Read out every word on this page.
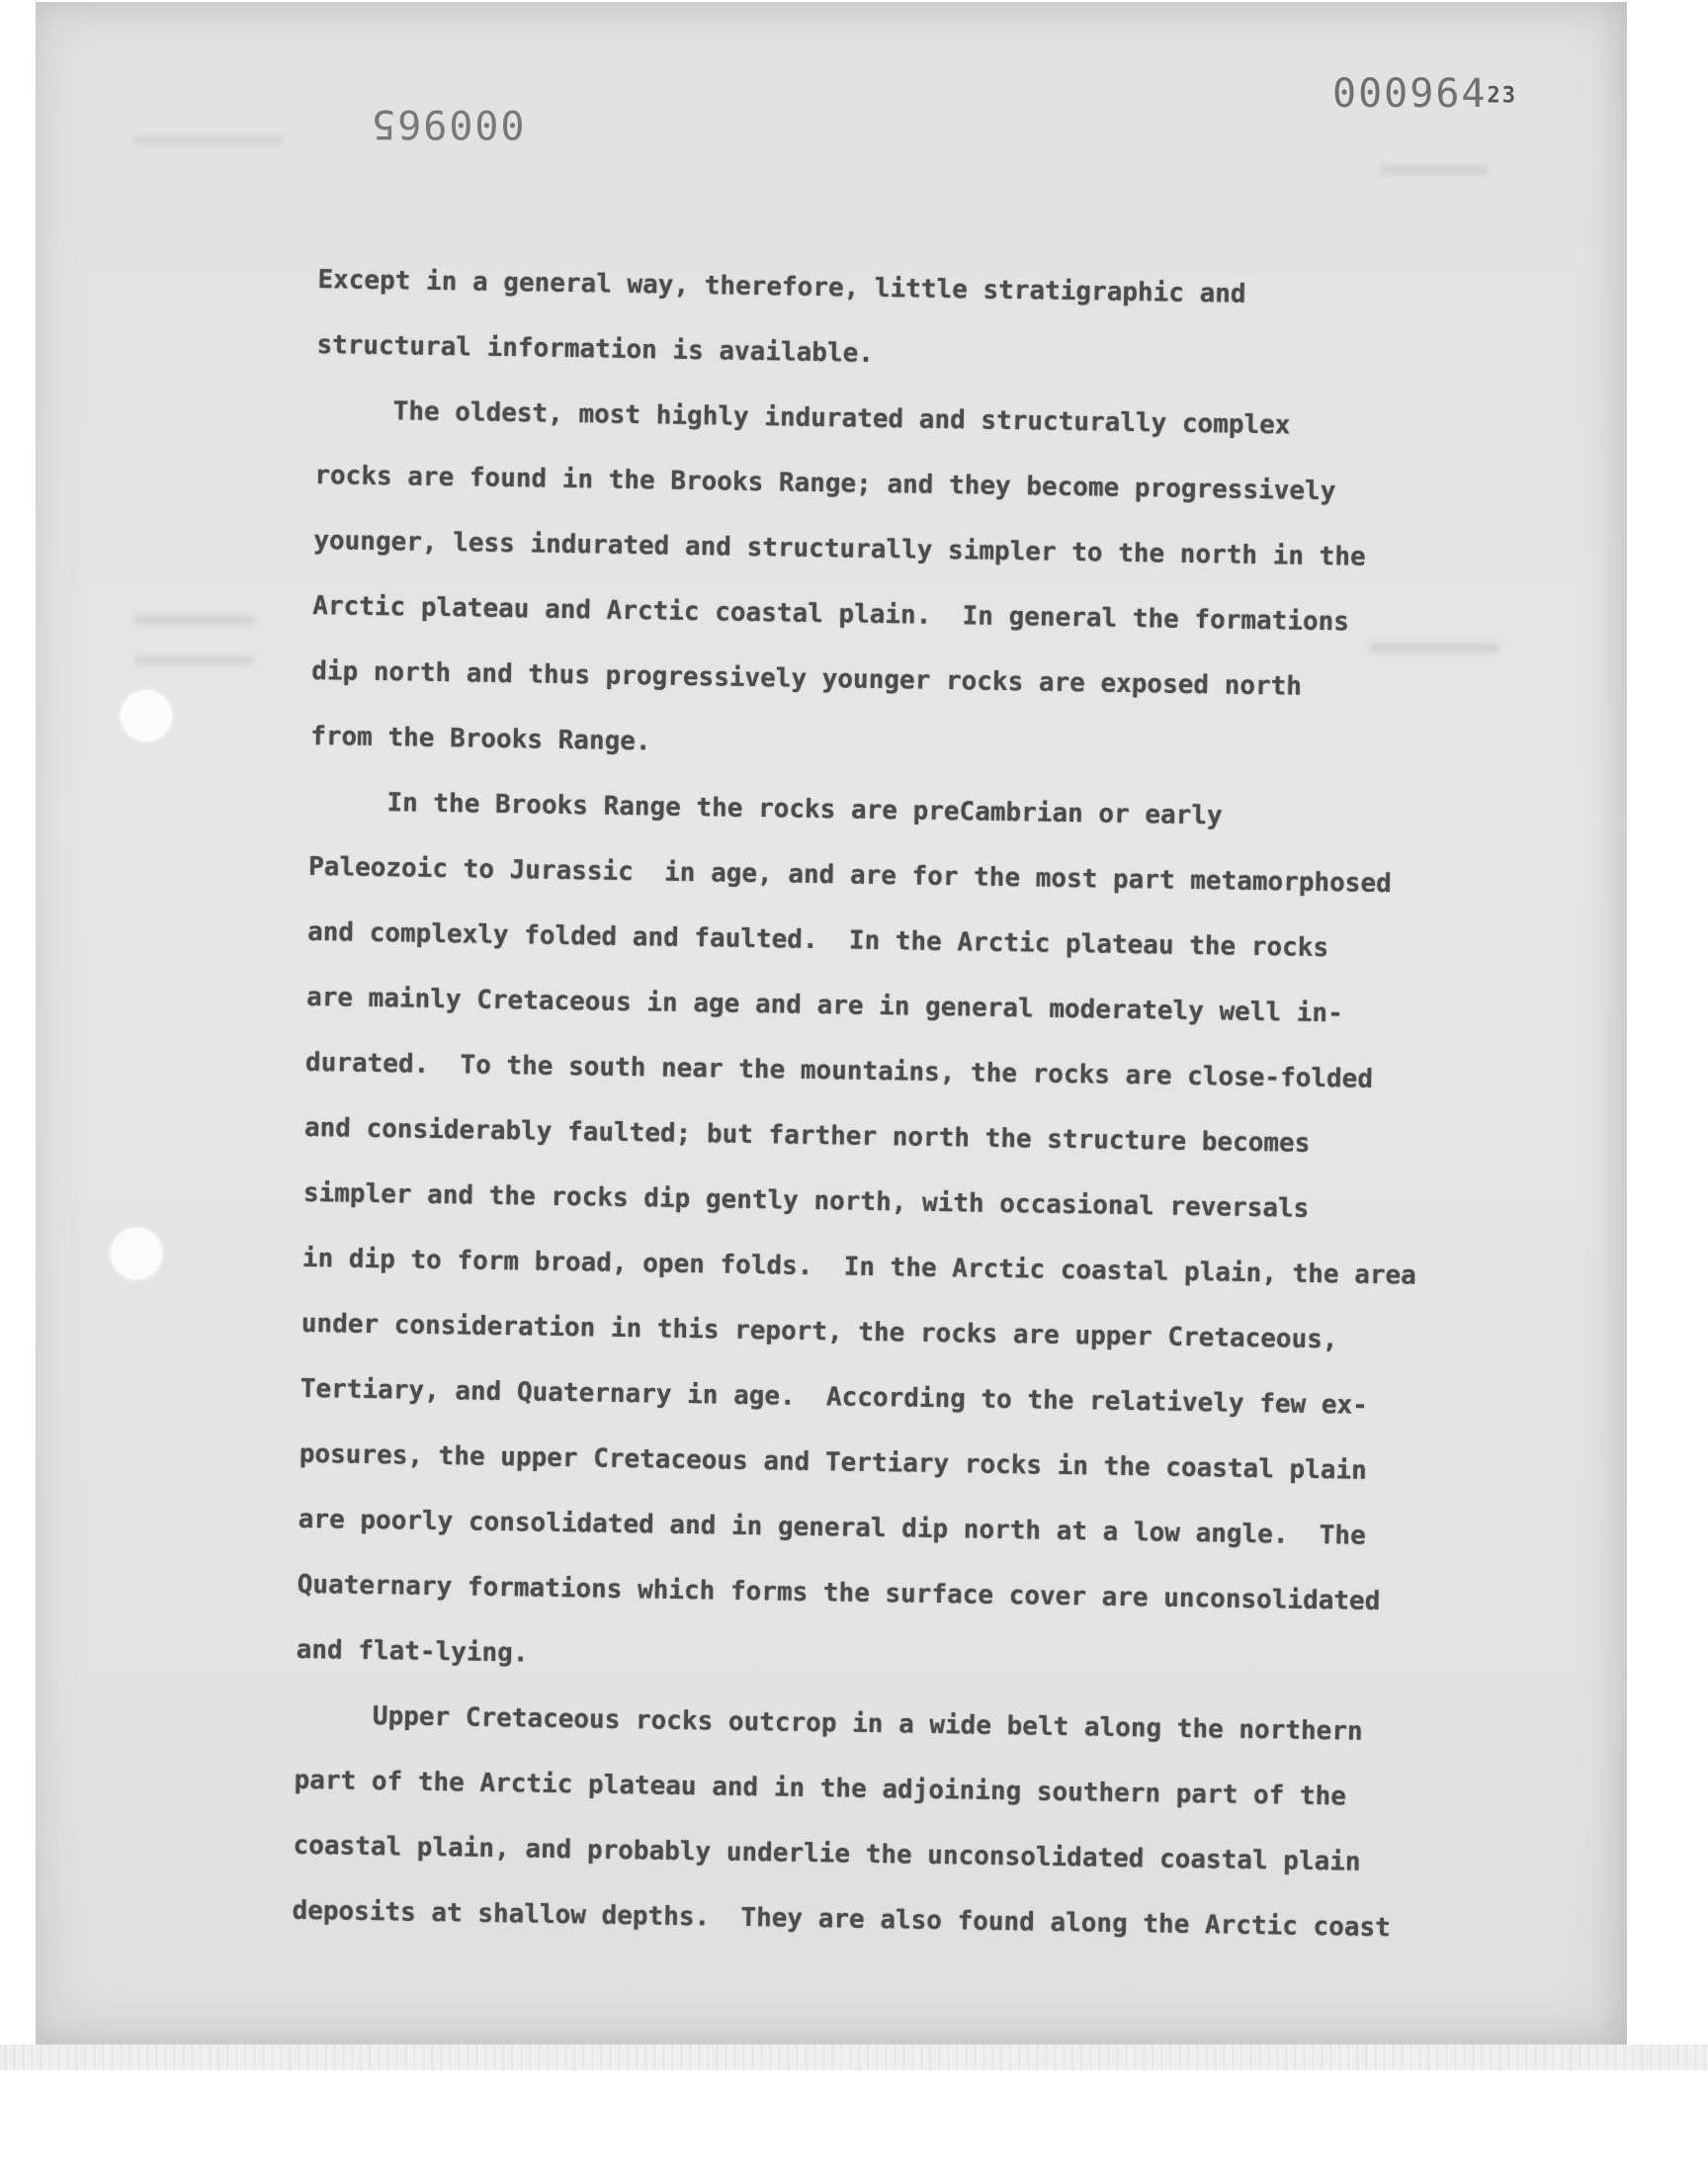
000965
00096423
Except in a general way, therefore, little stratigraphic and
structural information is available.
The oldest, most highly indurated and structurally complex
rocks are found in the Brooks Range; and they become progressively
younger, less indurated and structurally simpler to the north in the
Arctic plateau and Arctic coastal plain.  In general the formations
dip north and thus progressively younger rocks are exposed north
from the Brooks Range.
In the Brooks Range the rocks are preCambrian or early
Paleozoic to Jurassic  in age, and are for the most part metamorphosed
and complexly folded and faulted.  In the Arctic plateau the rocks
are mainly Cretaceous in age and are in general moderately well in-
durated.  To the south near the mountains, the rocks are close-folded
and considerably faulted; but farther north the structure becomes
simpler and the rocks dip gently north, with occasional reversals
in dip to form broad, open folds.  In the Arctic coastal plain, the area
under consideration in this report, the rocks are upper Cretaceous,
Tertiary, and Quaternary in age.  According to the relatively few ex-
posures, the upper Cretaceous and Tertiary rocks in the coastal plain
are poorly consolidated and in general dip north at a low angle.  The
Quaternary formations which forms the surface cover are unconsolidated
and flat-lying.
Upper Cretaceous rocks outcrop in a wide belt along the northern
part of the Arctic plateau and in the adjoining southern part of the
coastal plain, and probably underlie the unconsolidated coastal plain
deposits at shallow depths.  They are also found along the Arctic coast
